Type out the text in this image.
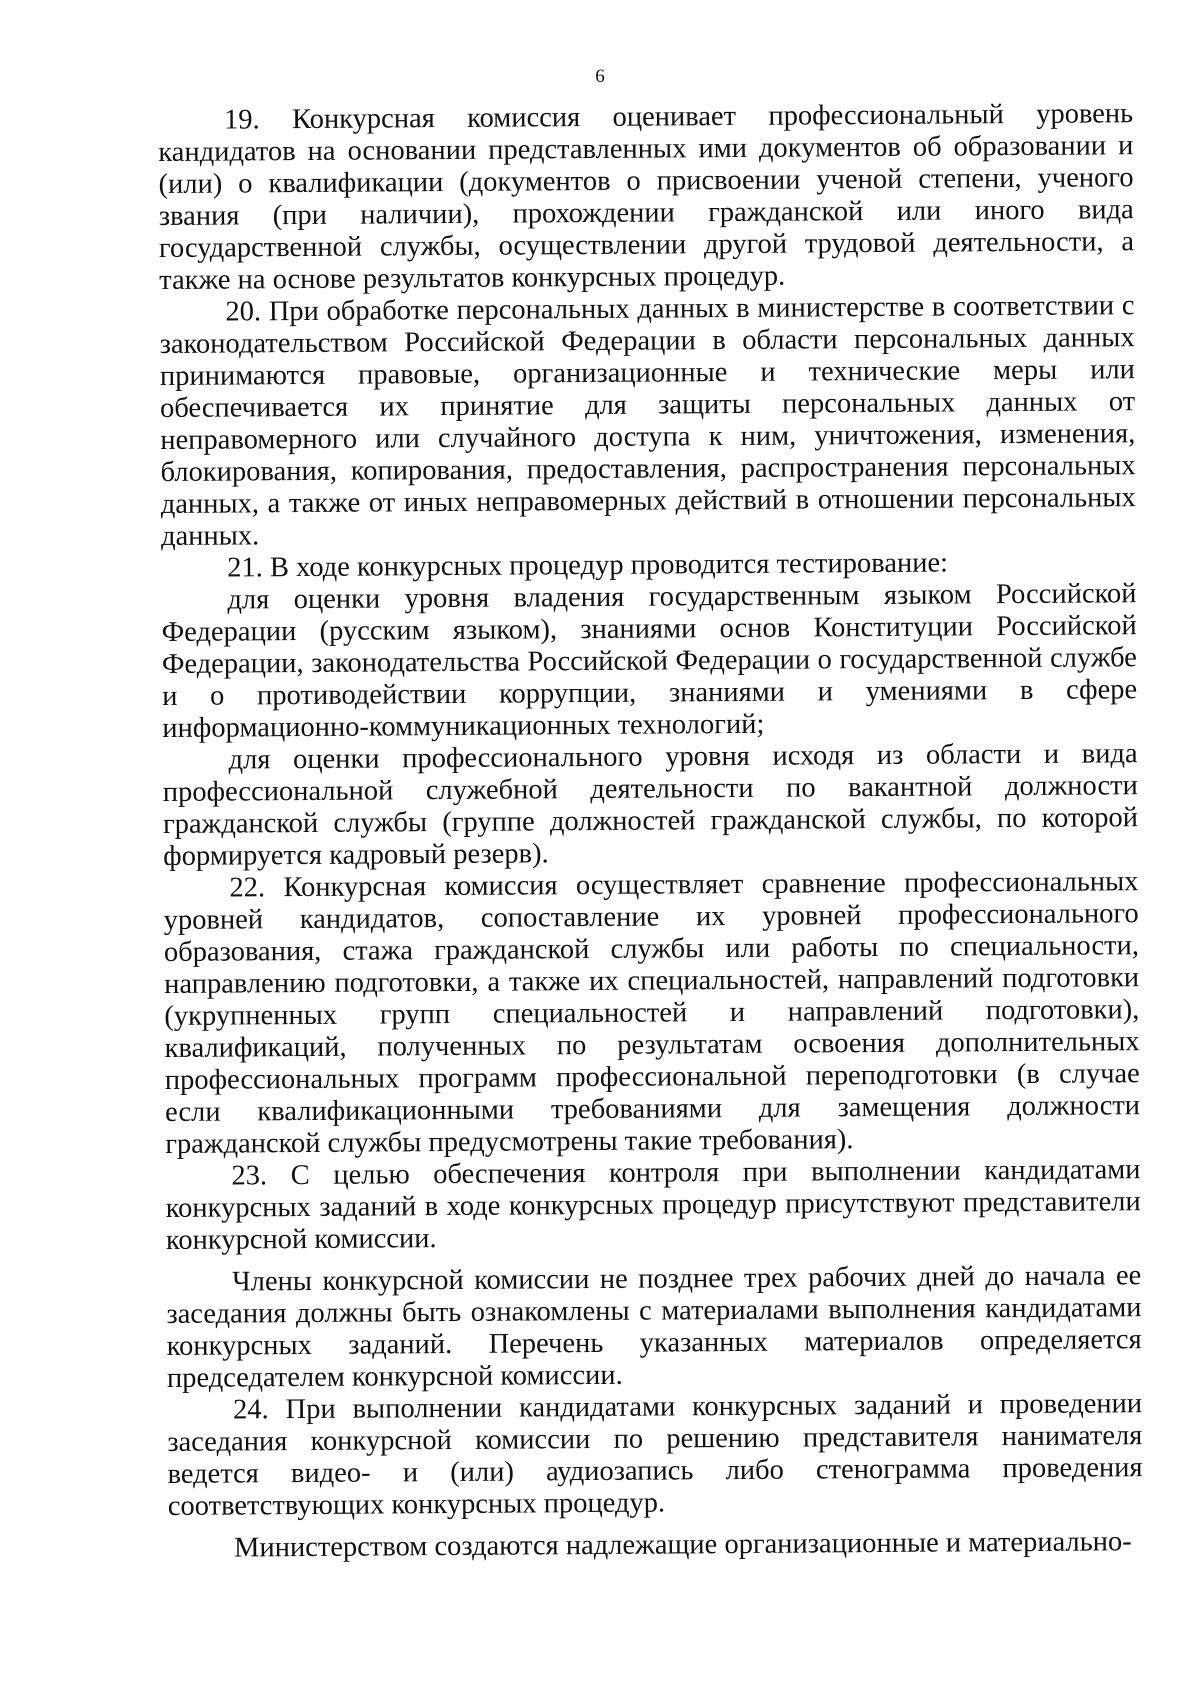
6

19. Конкурсная комиссия оценивает профессиональный уровень кандидатов на основании представленных ими документов об образовании и (или) о квалификации (документов о присвоении ученой степени, ученого звания (при наличии), прохождении гражданской или иного вида государственной службы, осуществлении другой трудовой деятельности, а также на основе результатов конкурсных процедур.

20. При обработке персональных данных в министерстве в соответствии с законодательством Российской Федерации в области персональных данных принимаются правовые, организационные и технические меры или обеспечивается их принятие для защиты персональных данных от неправомерного или случайного доступа к ним, уничтожения, изменения, блокирования, копирования, предоставления, распространения персональных данных, а также от иных неправомерных действий в отношении персональных данных.

21. В ходе конкурсных процедур проводится тестирование:

для оценки уровня владения государственным языком Российской Федерации (русским языком), знаниями основ Конституции Российской Федерации, законодательства Российской Федерации о государственной службе и о противодействии коррупции, знаниями и умениями в сфере информационно-коммуникационных технологий;

для оценки профессионального уровня исходя из области и вида профессиональной служебной деятельности по вакантной должности гражданской службы (группе должностей гражданской службы, по которой формируется кадровый резерв).

22. Конкурсная комиссия осуществляет сравнение профессиональных уровней кандидатов, сопоставление их уровней профессионального образования, стажа гражданской службы или работы по специальности, направлению подготовки, а также их специальностей, направлений подготовки (укрупненных групп специальностей и направлений подготовки), квалификаций, полученных по результатам освоения дополнительных профессиональных программ профессиональной переподготовки (в случае если квалификационными требованиями для замещения должности гражданской службы предусмотрены такие требования).

23. С целью обеспечения контроля при выполнении кандидатами конкурсных заданий в ходе конкурсных процедур присутствуют представители конкурсной комиссии.

Члены конкурсной комиссии не позднее трех рабочих дней до начала ее заседания должны быть ознакомлены с материалами выполнения кандидатами конкурсных заданий. Перечень указанных материалов определяется председателем конкурсной комиссии.

24. При выполнении кандидатами конкурсных заданий и проведении заседания конкурсной комиссии по решению представителя нанимателя ведется видео- и (или) аудиозапись либо стенограмма проведения соответствующих конкурсных процедур.

Министерством создаются надлежащие организационные и материально-
